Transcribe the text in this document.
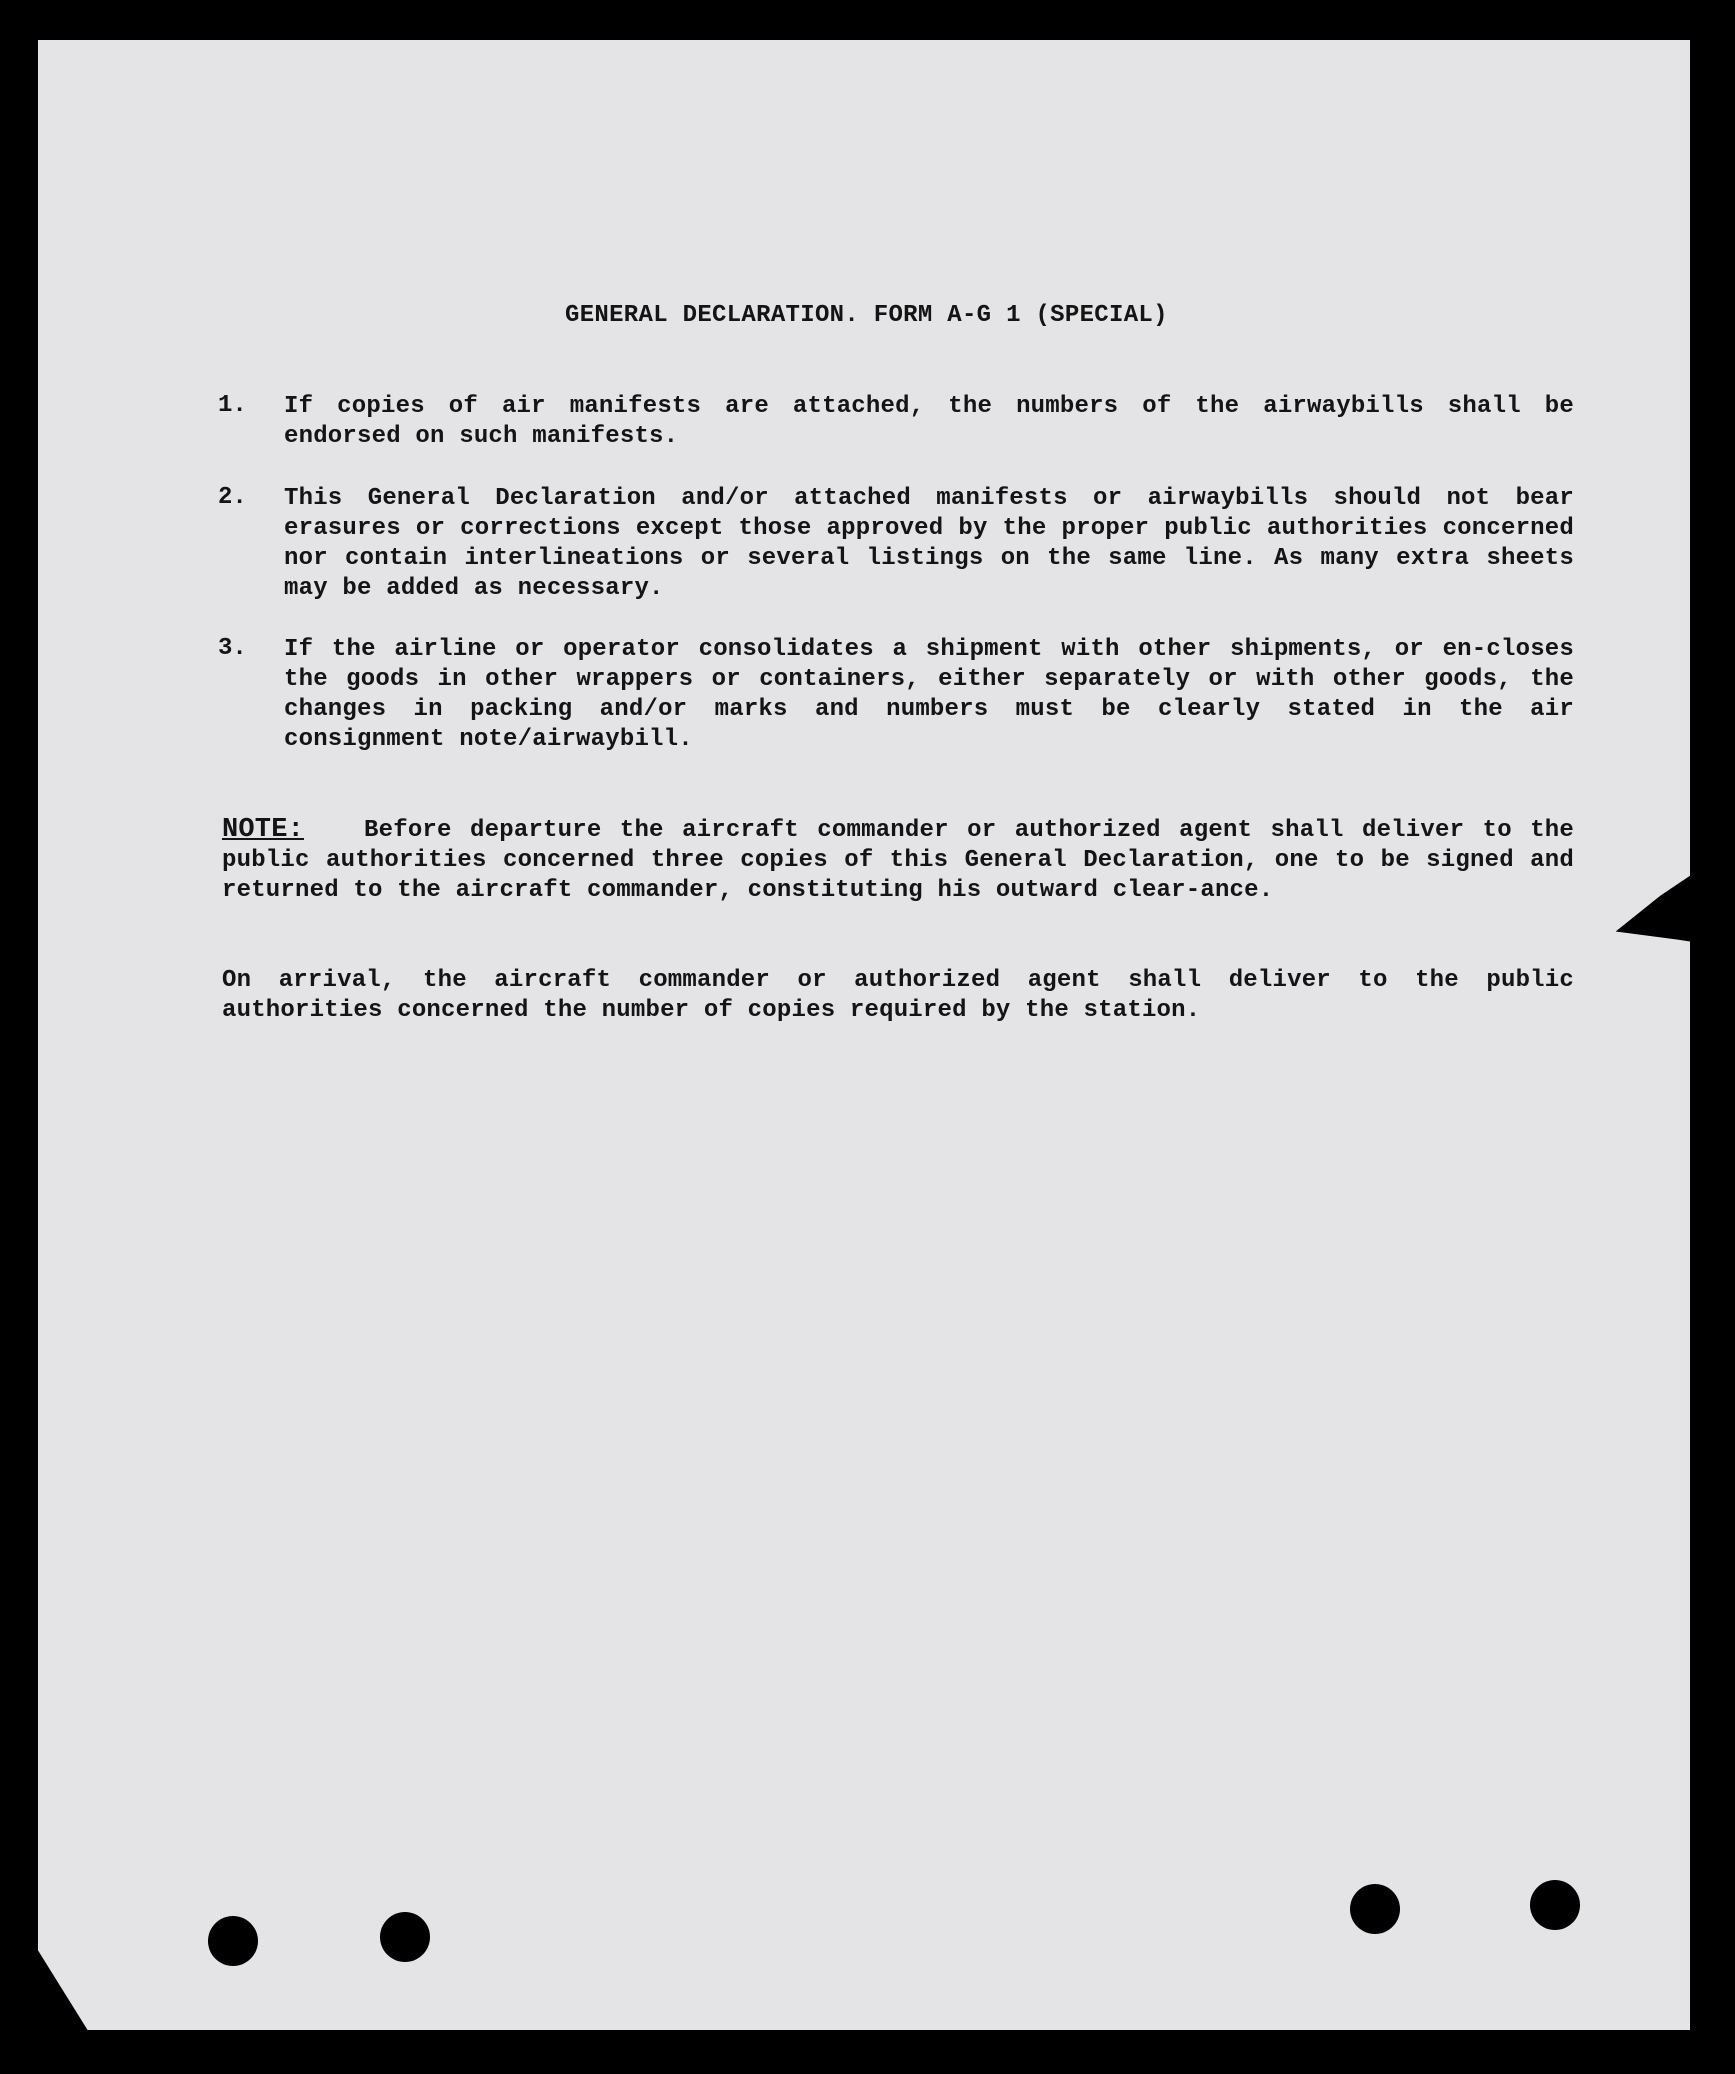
GENERAL DECLARATION. FORM A-G 1 (SPECIAL)
1. If copies of air manifests are attached, the numbers of the airwaybills shall be endorsed on such manifests.
2. This General Declaration and/or attached manifests or airwaybills should not bear erasures or corrections except those approved by the proper public authorities concerned nor contain interlineations or several listings on the same line. As many extra sheets may be added as necessary.
3. If the airline or operator consolidates a shipment with other shipments, or en-closes the goods in other wrappers or containers, either separately or with other goods, the changes in packing and/or marks and numbers must be clearly stated in the air consignment note/airwaybill.
NOTE:	Before departure the aircraft commander or authorized agent shall deliver to the public authorities concerned three copies of this General Declaration, one to be signed and returned to the aircraft commander, constituting his outward clear-ance.
On arrival, the aircraft commander or authorized agent shall deliver to the public authorities concerned the number of copies required by the station.
